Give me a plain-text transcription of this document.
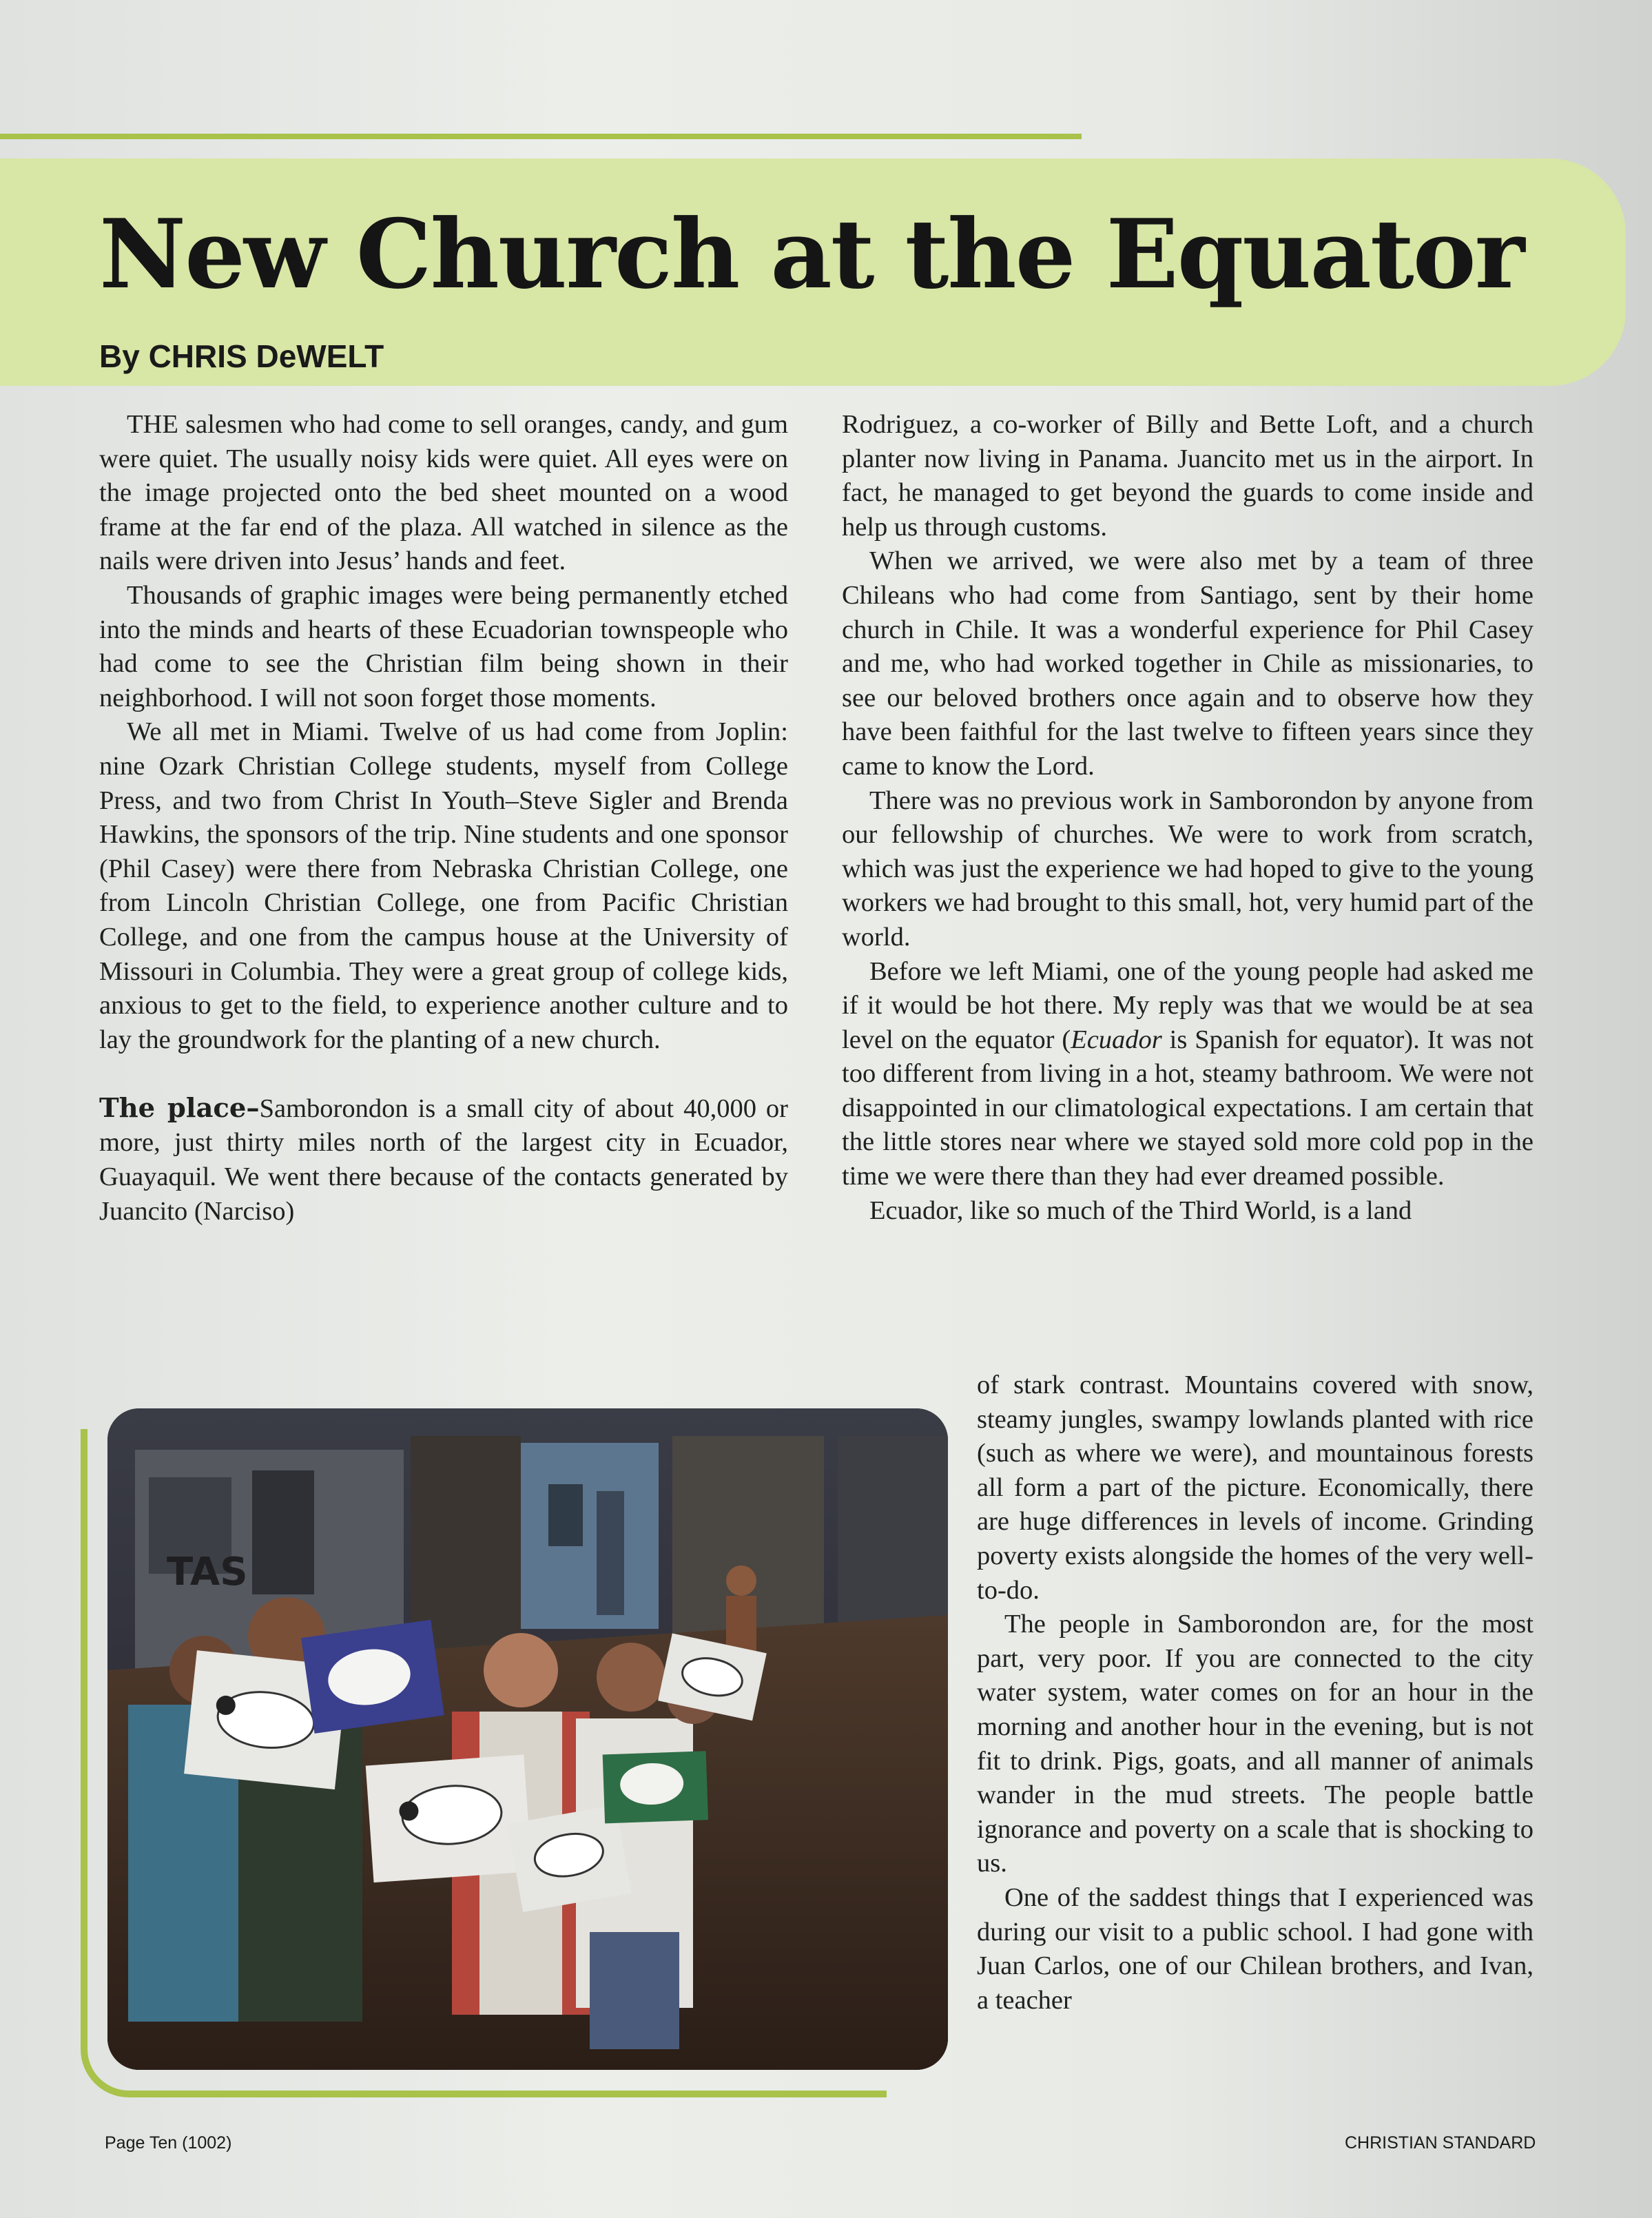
New Church at the Equator
By CHRIS DeWELT

THE salesmen who had come to sell oranges, candy, and gum were quiet. The usually noisy kids were quiet. All eyes were on the image projected onto the bed sheet mounted on a wood frame at the far end of the plaza. All watched in silence as the nails were driven into Jesus’ hands and feet.

Thousands of graphic images were being permanently etched into the minds and hearts of these Ecuadorian townspeople who had come to see the Christian film being shown in their neighborhood. I will not soon forget those moments.

We all met in Miami. Twelve of us had come from Joplin: nine Ozark Christian College students, myself from College Press, and two from Christ In Youth–Steve Sigler and Brenda Hawkins, the sponsors of the trip. Nine students and one sponsor (Phil Casey) were there from Nebraska Christian College, one from Lincoln Christian College, one from Pacific Christian College, and one from the campus house at the University of Missouri in Columbia. They were a great group of college kids, anxious to get to the field, to experience another culture and to lay the groundwork for the planting of a new church.

The place–Samborondon is a small city of about 40,000 or more, just thirty miles north of the largest city in Ecuador, Guayaquil. We went there because of the contacts generated by Juancito (Narciso)

Rodriguez, a co-worker of Billy and Bette Loft, and a church planter now living in Panama. Juancito met us in the airport. In fact, he managed to get beyond the guards to come inside and help us through customs.

When we arrived, we were also met by a team of three Chileans who had come from Santiago, sent by their home church in Chile. It was a wonderful experience for Phil Casey and me, who had worked together in Chile as missionaries, to see our beloved brothers once again and to observe how they have been faithful for the last twelve to fifteen years since they came to know the Lord.

There was no previous work in Samborondon by anyone from our fellowship of churches. We were to work from scratch, which was just the experience we had hoped to give to the young workers we had brought to this small, hot, very humid part of the world.

Before we left Miami, one of the young people had asked me if it would be hot there. My reply was that we would be at sea level on the equator (Ecuador is Spanish for equator). It was not too different from living in a hot, steamy bathroom. We were not disappointed in our climatological expectations. I am certain that the little stores near where we stayed sold more cold pop in the time we were there than they had ever dreamed possible.

Ecuador, like so much of the Third World, is a land

of stark contrast. Mountains covered with snow, steamy jungles, swampy lowlands planted with rice (such as where we were), and mountainous forests all form a part of the picture. Economically, there are huge differences in levels of income. Grinding poverty exists alongside the homes of the very well-to-do.

The people in Samborondon are, for the most part, very poor. If you are connected to the city water system, water comes on for an hour in the morning and another hour in the evening, but is not fit to drink. Pigs, goats, and all manner of animals wander in the mud streets. The people battle ignorance and poverty on a scale that is shocking to us.

One of the saddest things that I experienced was during our visit to a public school. I had gone with Juan Carlos, one of our Chilean brothers, and Ivan, a teacher

TAS
Page Ten (1002)	CHRISTIAN STANDARD
